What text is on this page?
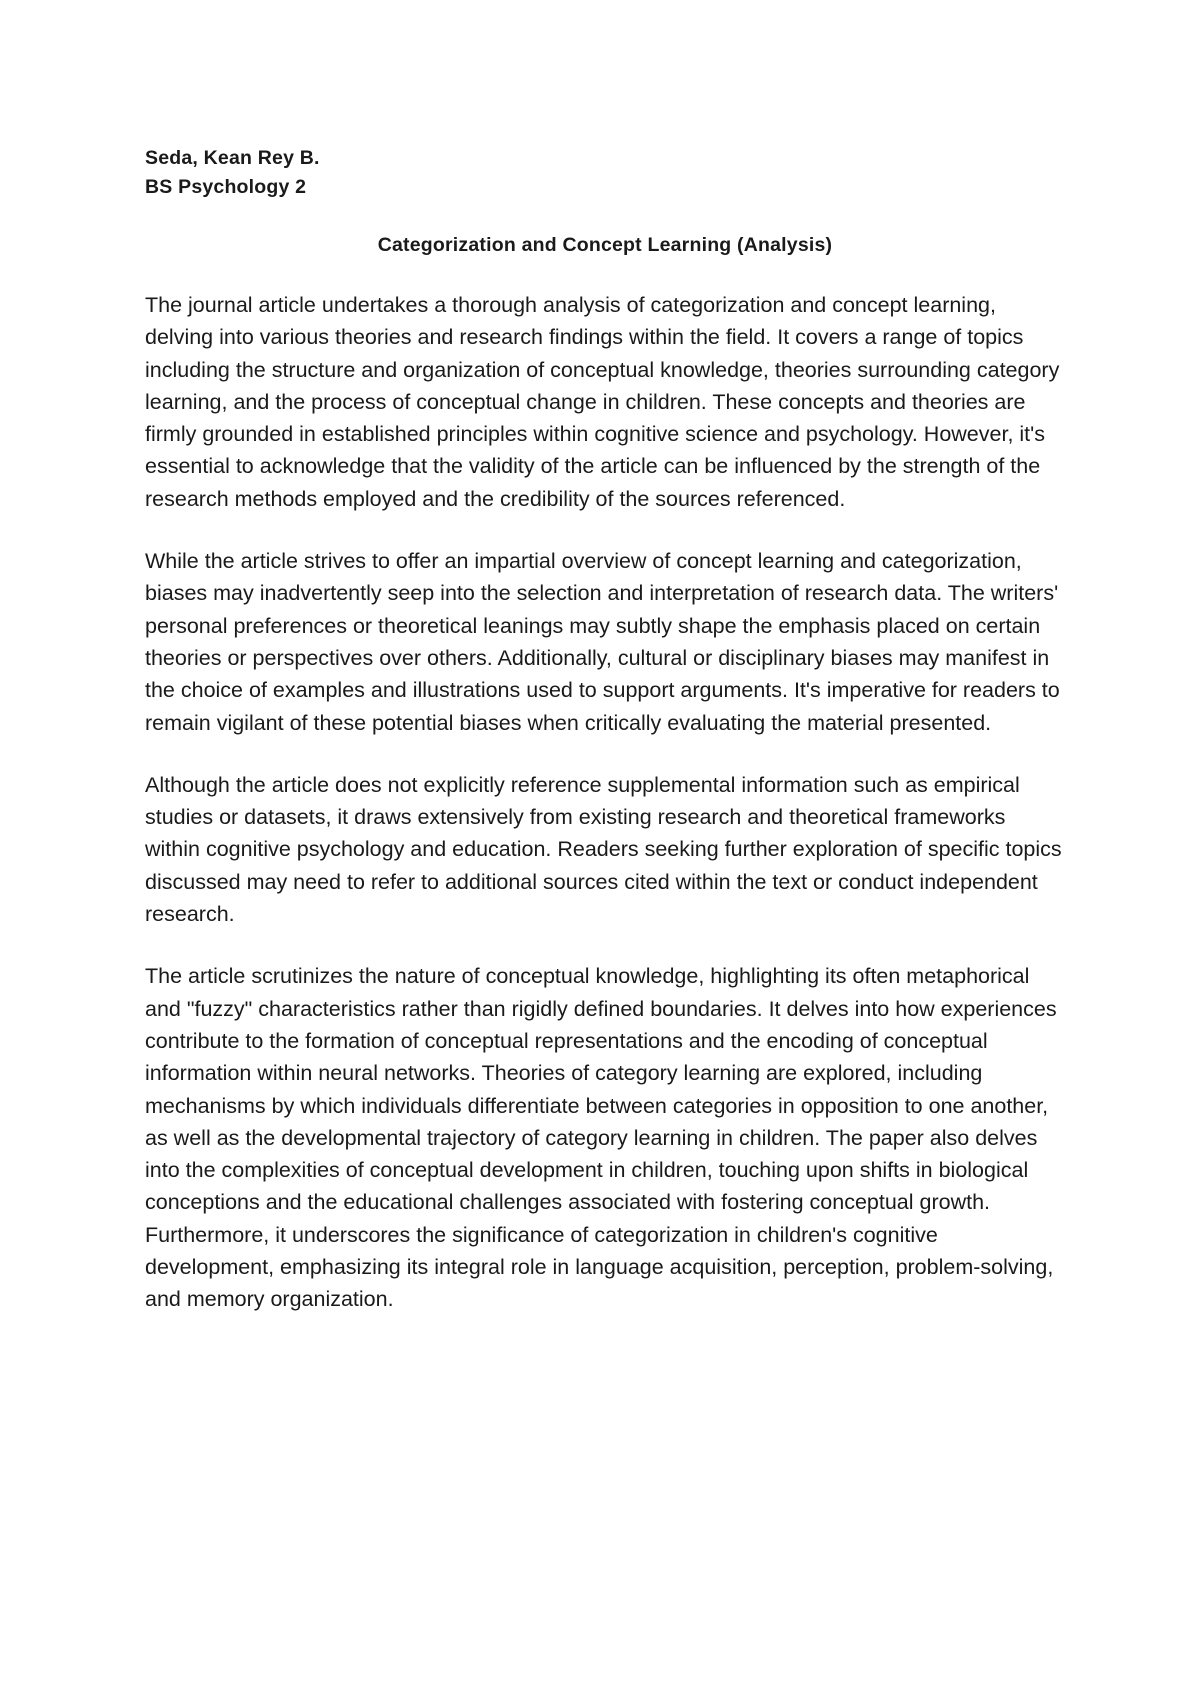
Seda, Kean Rey B.

BS Psychology 2

Categorization and Concept Learning (Analysis)

The journal article undertakes a thorough analysis of categorization and concept learning, delving into various theories and research findings within the field. It covers a range of topics including the structure and organization of conceptual knowledge, theories surrounding category learning, and the process of conceptual change in children. These concepts and theories are firmly grounded in established principles within cognitive science and psychology. However, it's essential to acknowledge that the validity of the article can be influenced by the strength of the research methods employed and the credibility of the sources referenced.

While the article strives to offer an impartial overview of concept learning and categorization, biases may inadvertently seep into the selection and interpretation of research data. The writers' personal preferences or theoretical leanings may subtly shape the emphasis placed on certain theories or perspectives over others. Additionally, cultural or disciplinary biases may manifest in the choice of examples and illustrations used to support arguments. It's imperative for readers to remain vigilant of these potential biases when critically evaluating the material presented.

Although the article does not explicitly reference supplemental information such as empirical studies or datasets, it draws extensively from existing research and theoretical frameworks within cognitive psychology and education. Readers seeking further exploration of specific topics discussed may need to refer to additional sources cited within the text or conduct independent research.

The article scrutinizes the nature of conceptual knowledge, highlighting its often metaphorical and "fuzzy" characteristics rather than rigidly defined boundaries. It delves into how experiences contribute to the formation of conceptual representations and the encoding of conceptual information within neural networks. Theories of category learning are explored, including mechanisms by which individuals differentiate between categories in opposition to one another, as well as the developmental trajectory of category learning in children. The paper also delves into the complexities of conceptual development in children, touching upon shifts in biological conceptions and the educational challenges associated with fostering conceptual growth. Furthermore, it underscores the significance of categorization in children's cognitive development, emphasizing its integral role in language acquisition, perception, problem-solving, and memory organization.
